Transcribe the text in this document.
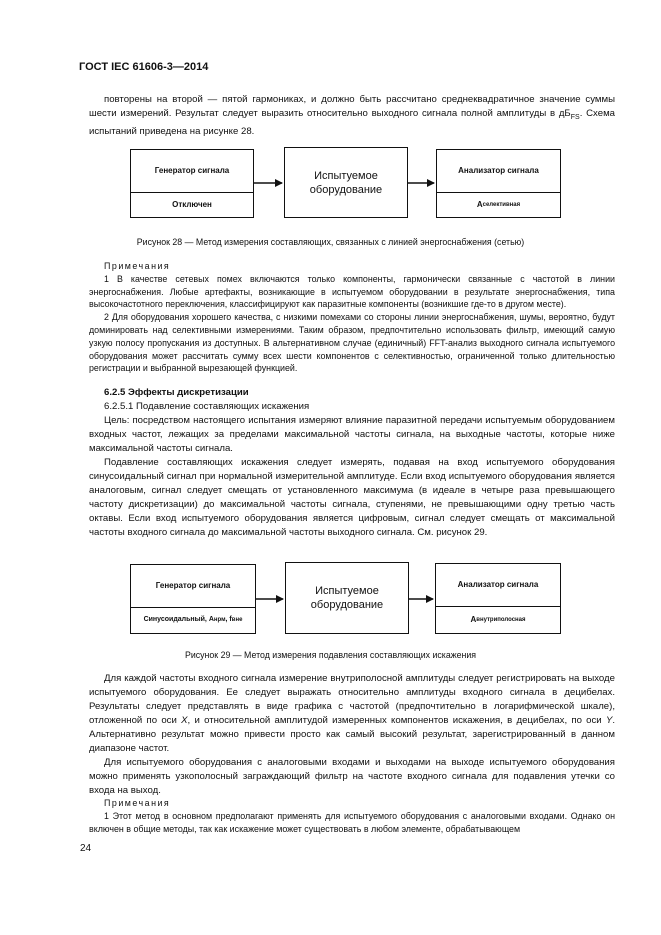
ГОСТ IEC 61606-3—2014

повторены на второй — пятой гармониках, и должно быть рассчитано среднеквадратичное значение суммы шести измерений. Результат следует выразить относительно выходного сигнала полной амплитуды в $дБ_{FS}$. Схема испытаний приведена на рисунке 28.

Генератор сигнала
Отключен
Испытуемое оборудование
Анализатор сигнала
A селективная
Рисунок 28 — Метод измерения составляющих, связанных с линией энергоснабжения (сетью)

Примечания

1 В качестве сетевых помех включаются только компоненты, гармонически связанные с частотой в линии энергоснабжения. Любые артефакты, возникающие в испытуемом оборудовании в результате энергоснабжения, типа высокочастотного переключения, классифицируют как паразитные компоненты (возникшие где-то в другом месте).

2 Для оборудования хорошего качества, с низкими помехами со стороны линии энергоснабжения, шумы, вероятно, будут доминировать над селективными измерениями. Таким образом, предпочтительно использовать фильтр, имеющий самую узкую полосу пропускания из доступных. В альтернативном случае (единичный) FFT-анализ выходного сигнала испытуемого оборудования может рассчитать сумму всех шести компонентов с селективностью, ограниченной только длительностью регистрации и выбранной вырезающей функцией.

6.2.5 Эффекты дискретизации

6.2.5.1 Подавление составляющих искажения

Цель: посредством настоящего испытания измеряют влияние паразитной передачи испытуемым оборудованием входных частот, лежащих за пределами максимальной частоты сигнала, на выходные частоты, которые ниже максимальной частоты сигнала.

Подавление составляющих искажения следует измерять, подавая на вход испытуемого оборудования синусоидальный сигнал при нормальной измерительной амплитуде. Если вход испытуемого оборудования является аналоговым, сигнал следует смещать от установленного максимума (в идеале в четыре раза превышающего частоту дискретизации) до максимальной частоты сигнала, ступенями, не превышающими одну третью часть октавы. Если вход испытуемого оборудования является цифровым, сигнал следует смещать от максимальной частоты входного сигнала до максимальной частоты выходного сигнала. См. рисунок 29.

Генератор сигнала
Синусоидальный, A нрм , f вне
Испытуемое оборудование
Анализатор сигнала
A внутриполосная
Рисунок 29 — Метод измерения подавления составляющих искажения

Для каждой частоты входного сигнала измерение внутриполосной амплитуды следует регистрировать на выходе испытуемого оборудования. Ее следует выражать относительно амплитуды входного сигнала в децибелах. Результаты следует представлять в виде графика с частотой (предпочтительно в логарифмической шкале), отложенной по оси X, и относительной амплитудой измеренных компонентов искажения, в децибелах, по оси Y. Альтернативно результат можно привести просто как самый высокий результат, зарегистрированный в данном диапазоне частот.

Для испытуемого оборудования с аналоговыми входами и выходами на выходе испытуемого оборудования можно применять узкополосный заграждающий фильтр на частоте входного сигнала для подавления утечки со входа на выход.

Примечания

1 Этот метод в основном предполагают применять для испытуемого оборудования с аналоговыми входами. Однако он включен в общие методы, так как искажение может существовать в любом элементе, обрабатывающем

24
